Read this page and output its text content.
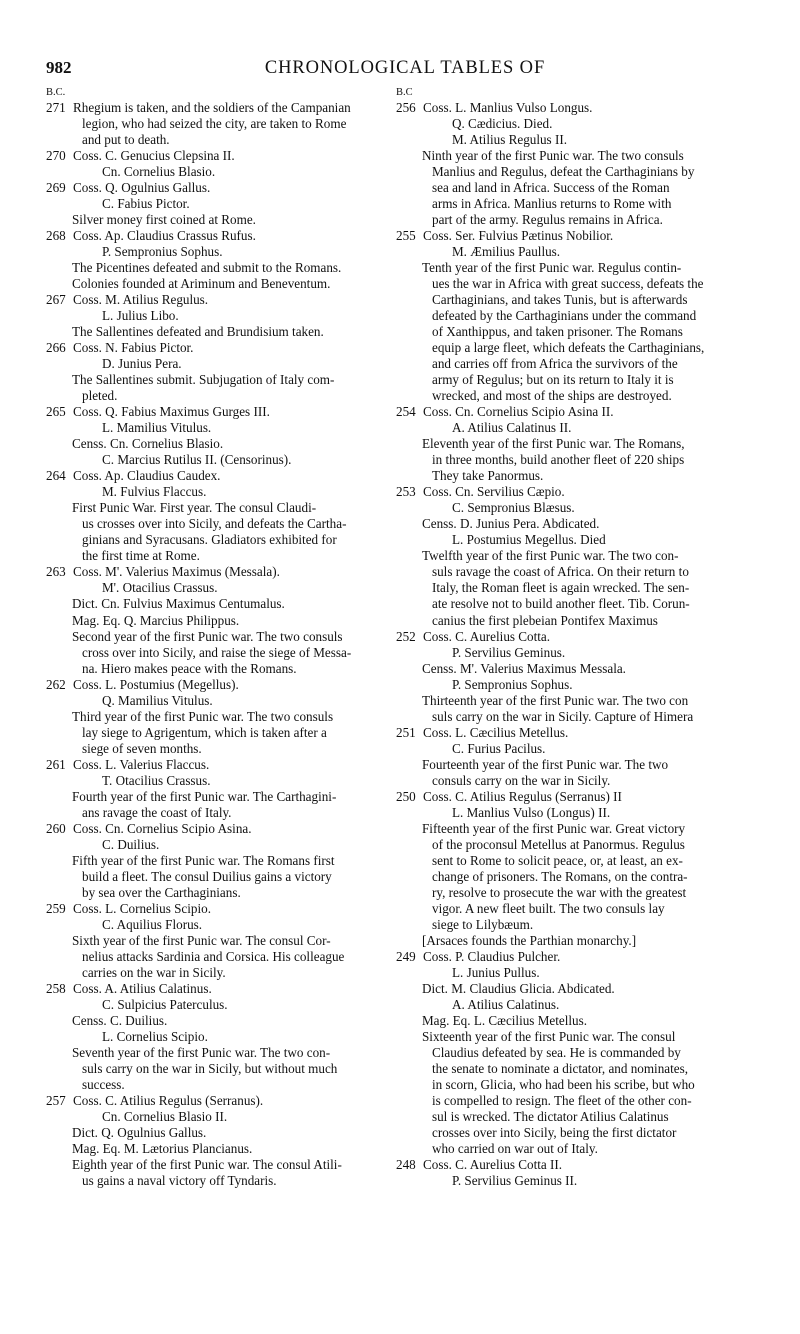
982	CHRONOLOGICAL TABLES OF
B.C.
271 Rhegium is taken, and the soldiers of the Campanian
legion, who had seized the city, are taken to Rome
and put to death.
270 Coss. C. Genucius Clepsina II.
Cn. Cornelius Blasio.
269 Coss. Q. Ogulnius Gallus.
C. Fabius Pictor.
Silver money first coined at Rome.
268 Coss. Ap. Claudius Crassus Rufus.
P. Sempronius Sophus.
The Picentines defeated and submit to the Romans.
Colonies founded at Ariminum and Beneventum.
267 Coss. M. Atilius Regulus.
L. Julius Libo.
The Sallentines defeated and Brundisium taken.
266 Coss. N. Fabius Pictor.
D. Junius Pera.
The Sallentines submit. Subjugation of Italy com-
pleted.
265 Coss. Q. Fabius Maximus Gurges III.
L. Mamilius Vitulus.
Censs. Cn. Cornelius Blasio.
C. Marcius Rutilus II. (Censorinus).
264 Coss. Ap. Claudius Caudex.
M. Fulvius Flaccus.
First Punic War. First year. The consul Claudi-
us crosses over into Sicily, and defeats the Cartha-
ginians and Syracusans. Gladiators exhibited for
the first time at Rome.
263 Coss. M'. Valerius Maximus (Messala).
M'. Otacilius Crassus.
Dict. Cn. Fulvius Maximus Centumalus.
Mag. Eq. Q. Marcius Philippus.
Second year of the first Punic war. The two consuls
cross over into Sicily, and raise the siege of Messa-
na. Hiero makes peace with the Romans.
262 Coss. L. Postumius (Megellus).
Q. Mamilius Vitulus.
Third year of the first Punic war. The two consuls
lay siege to Agrigentum, which is taken after a
siege of seven months.
261 Coss. L. Valerius Flaccus.
T. Otacilius Crassus.
Fourth year of the first Punic war. The Carthagini-
ans ravage the coast of Italy.
260 Coss. Cn. Cornelius Scipio Asina.
C. Duilius.
Fifth year of the first Punic war. The Romans first
build a fleet. The consul Duilius gains a victory
by sea over the Carthaginians.
259 Coss. L. Cornelius Scipio.
C. Aquilius Florus.
Sixth year of the first Punic war. The consul Cor-
nelius attacks Sardinia and Corsica. His colleague
carries on the war in Sicily.
258 Coss. A. Atilius Calatinus.
C. Sulpicius Paterculus.
Censs. C. Duilius.
L. Cornelius Scipio.
Seventh year of the first Punic war. The two con-
suls carry on the war in Sicily, but without much
success.
257 Coss. C. Atilius Regulus (Serranus).
Cn. Cornelius Blasio II.
Dict. Q. Ogulnius Gallus.
Mag. Eq. M. Lætorius Plancianus.
Eighth year of the first Punic war. The consul Atili-
us gains a naval victory off Tyndaris.
B.C
256 Coss. L. Manlius Vulso Longus.
Q. Cædicius. Died.
M. Atilius Regulus II.
Ninth year of the first Punic war. The two consuls
Manlius and Regulus, defeat the Carthaginians by
sea and land in Africa. Success of the Roman
arms in Africa. Manlius returns to Rome with
part of the army. Regulus remains in Africa.
255 Coss. Ser. Fulvius Pætinus Nobilior.
M. Æmilius Paullus.
Tenth year of the first Punic war. Regulus contin-
ues the war in Africa with great success, defeats the
Carthaginians, and takes Tunis, but is afterwards
defeated by the Carthaginians under the command
of Xanthippus, and taken prisoner. The Romans
equip a large fleet, which defeats the Carthaginians,
and carries off from Africa the survivors of the
army of Regulus; but on its return to Italy it is
wrecked, and most of the ships are destroyed.
254 Coss. Cn. Cornelius Scipio Asina II.
A. Atilius Calatinus II.
Eleventh year of the first Punic war. The Romans,
in three months, build another fleet of 220 ships
They take Panormus.
253 Coss. Cn. Servilius Cæpio.
C. Sempronius Blæsus.
Censs. D. Junius Pera. Abdicated.
L. Postumius Megellus. Died
Twelfth year of the first Punic war. The two con-
suls ravage the coast of Africa. On their return to
Italy, the Roman fleet is again wrecked. The sen-
ate resolve not to build another fleet. Tib. Corun-
canius the first plebeian Pontifex Maximus
252 Coss. C. Aurelius Cotta.
P. Servilius Geminus.
Censs. M'. Valerius Maximus Messala.
P. Sempronius Sophus.
Thirteenth year of the first Punic war. The two con
suls carry on the war in Sicily. Capture of Himera
251 Coss. L. Cæcilius Metellus.
C. Furius Pacilus.
Fourteenth year of the first Punic war. The two
consuls carry on the war in Sicily.
250 Coss. C. Atilius Regulus (Serranus) II
L. Manlius Vulso (Longus) II.
Fifteenth year of the first Punic war. Great victory
of the proconsul Metellus at Panormus. Regulus
sent to Rome to solicit peace, or, at least, an ex-
change of prisoners. The Romans, on the contra-
ry, resolve to prosecute the war with the greatest
vigor. A new fleet built. The two consuls lay
siege to Lilybæum.
[Arsaces founds the Parthian monarchy.]
249 Coss. P. Claudius Pulcher.
L. Junius Pullus.
Dict. M. Claudius Glicia. Abdicated.
A. Atilius Calatinus.
Mag. Eq. L. Cæcilius Metellus.
Sixteenth year of the first Punic war. The consul
Claudius defeated by sea. He is commanded by
the senate to nominate a dictator, and nominates,
in scorn, Glicia, who had been his scribe, but who
is compelled to resign. The fleet of the other con-
sul is wrecked. The dictator Atilius Calatinus
crosses over into Sicily, being the first dictator
who carried on war out of Italy.
248 Coss. C. Aurelius Cotta II.
P. Servilius Geminus II.
